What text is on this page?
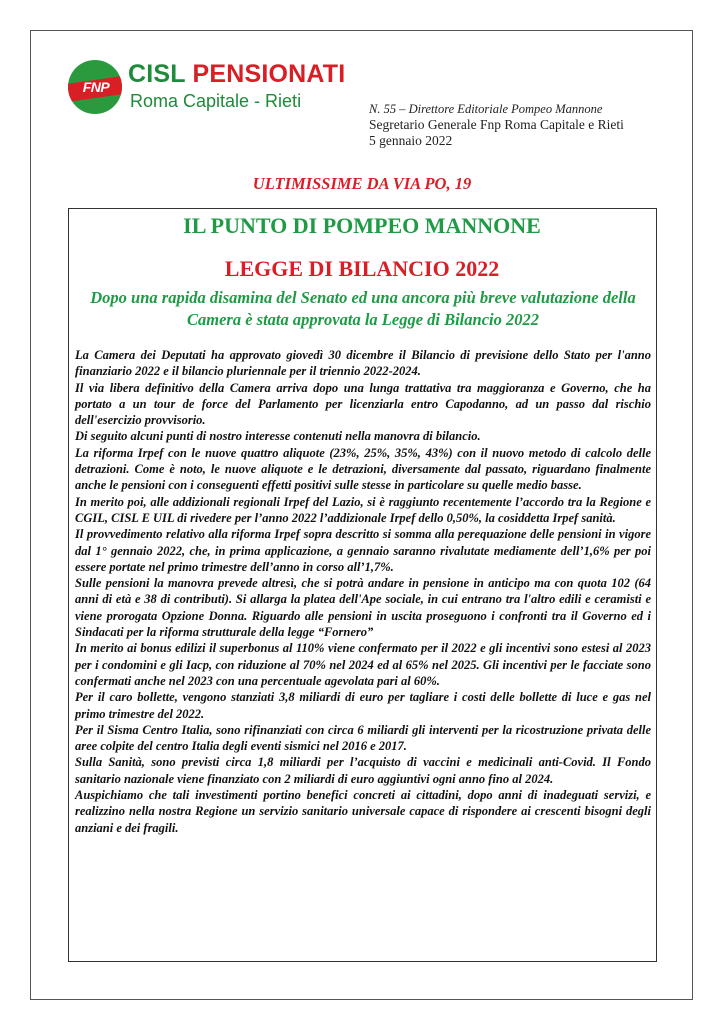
FNP CISL PENSIONATI
Roma Capitale - Rieti	N. 55 – Direttore Editoriale Pompeo Mannone
Segretario Generale Fnp Roma Capitale e Rieti
5 gennaio 2022
ULTIMISSIME DA VIA PO, 19
IL PUNTO DI POMPEO MANNONE
LEGGE DI BILANCIO 2022
Dopo una rapida disamina del Senato ed una ancora più breve valutazione della Camera è stata approvata la Legge di Bilancio 2022

La Camera dei Deputati ha approvato giovedì 30 dicembre il Bilancio di previsione dello Stato per l'anno finanziario 2022 e il bilancio pluriennale per il triennio 2022-2024.

Il via libera definitivo della Camera arriva dopo una lunga trattativa tra maggioranza e Governo, che ha portato a un tour de force del Parlamento per licenziarla entro Capodanno, ad un passo dal rischio dell'esercizio provvisorio.

Di seguito alcuni punti di nostro interesse contenuti nella manovra di bilancio.

La riforma Irpef con le nuove quattro aliquote (23%, 25%, 35%, 43%) con il nuovo metodo di calcolo delle detrazioni. Come è noto, le nuove aliquote e le detrazioni, diversamente dal passato, riguardano finalmente anche le pensioni con i conseguenti effetti positivi sulle stesse in particolare su quelle medio basse.

In merito poi, alle addizionali regionali Irpef del Lazio, si è raggiunto recentemente l’accordo tra la Regione e CGIL, CISL E UIL di rivedere per l’anno 2022 l’addizionale Irpef dello 0,50%, la cosiddetta Irpef sanità.

Il provvedimento relativo alla riforma Irpef sopra descritto si somma alla perequazione delle pensioni in vigore dal 1° gennaio 2022, che, in prima applicazione, a gennaio saranno rivalutate mediamente dell’1,6% per poi essere portate nel primo trimestre dell’anno in corso all’1,7%.

Sulle pensioni la manovra prevede altresì, che si potrà andare in pensione in anticipo ma con quota 102 (64 anni di età e 38 di contributi). Si allarga la platea dell'Ape sociale, in cui entrano tra l'altro edili e ceramisti e viene prorogata Opzione Donna. Riguardo alle pensioni in uscita proseguono i confronti tra il Governo ed i Sindacati per la riforma strutturale della legge “Fornero”

In merito ai bonus edilizi il superbonus al 110% viene confermato per il 2022 e gli incentivi sono estesi al 2023 per i condomini e gli Iacp, con riduzione al 70% nel 2024 ed al 65% nel 2025. Gli incentivi per le facciate sono confermati anche nel 2023 con una percentuale agevolata pari al 60%.

Per il caro bollette, vengono stanziati 3,8 miliardi di euro per tagliare i costi delle bollette di luce e gas nel primo trimestre del 2022.

Per il Sisma Centro Italia, sono rifinanziati con circa 6 miliardi gli interventi per la ricostruzione privata delle aree colpite del centro Italia degli eventi sismici nel 2016 e 2017.

Sulla Sanità, sono previsti circa 1,8 miliardi per l’acquisto di vaccini e medicinali anti-Covid. Il Fondo sanitario nazionale viene finanziato con 2 miliardi di euro aggiuntivi ogni anno fino al 2024.

Auspichiamo che tali investimenti portino benefici concreti ai cittadini, dopo anni di inadeguati servizi, e realizzino nella nostra Regione un servizio sanitario universale capace di rispondere ai crescenti bisogni degli anziani e dei fragili.
